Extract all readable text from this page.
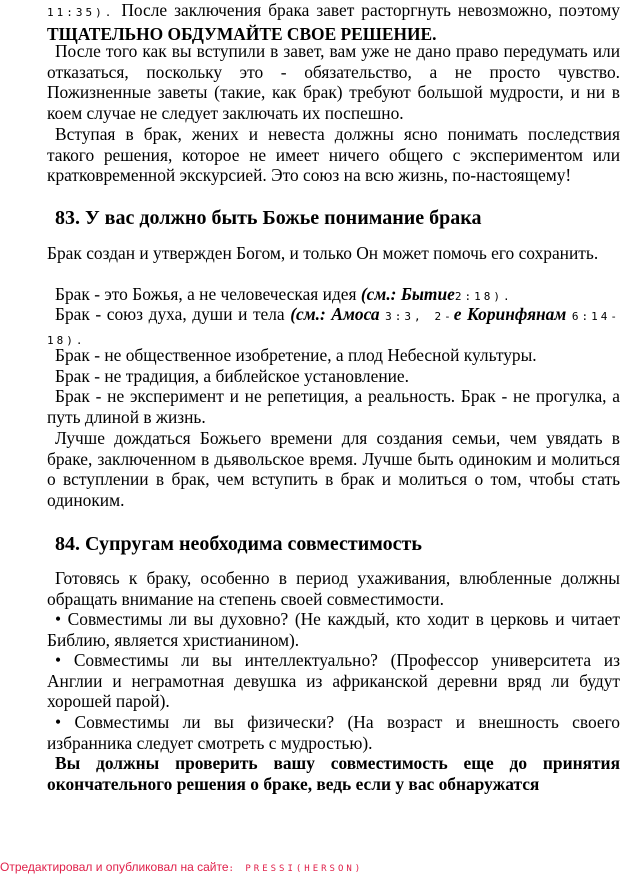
11:35). После заключения брака завет расторгнуть невозможно, поэтому ТЩАТЕЛЬНО ОБДУМАЙТЕ СВОЕ РЕШЕНИЕ.

После того как вы вступили в завет, вам уже не дано право передумать или отказаться, поскольку это - обязательство, а не просто чувство. Пожизненные заветы (такие, как брак) требуют большой мудрости, и ни в коем случае не следует заключать их поспешно.

Вступая в брак, жених и невеста должны ясно понимать последствия такого решения, которое не имеет ничего общего с экспериментом или кратковременной экскурсией. Это союз на всю жизнь, по-настоящему!

83. У вас должно быть Божье понимание брака

Брак создан и утвержден Богом, и только Он может помочь его сохранить.

Брак - это Божья, а не человеческая идея (см.: Бытие2:18).

Брак - союз духа, души и тела (см.: Амоса 3:3, 2-е Коринфянам 6:14-18).

Брак - не общественное изобретение, а плод Небесной культуры.

Брак - не традиция, а библейское установление.

Брак - не эксперимент и не репетиция, а реальность. Брак - не прогулка, а путь длиной в жизнь.

Лучше дождаться Божьего времени для создания семьи, чем увядать в браке, заключенном в дьявольское время. Лучше быть одиноким и молиться о вступлении в брак, чем вступить в брак и молиться о том, чтобы стать одиноким.

84. Супругам необходима совместимость

Готовясь к браку, особенно в период ухаживания, влюбленные должны обращать внимание на степень своей совместимости.

• Совместимы ли вы духовно? (Не каждый, кто ходит в церковь и читает Библию, является христианином).

• Совместимы ли вы интеллектуально? (Профессор университета из Англии и неграмотная девушка из африканской деревни вряд ли будут хорошей парой).

• Совместимы ли вы физически? (На возраст и внешность своего избранника следует смотреть с мудростью).

Вы должны проверить вашу совместимость еще до принятия окончательного решения о браке, ведь если у вас обнаружатся

Отредактировал и опубликовал на сайте: PRESSI(HERSON)
